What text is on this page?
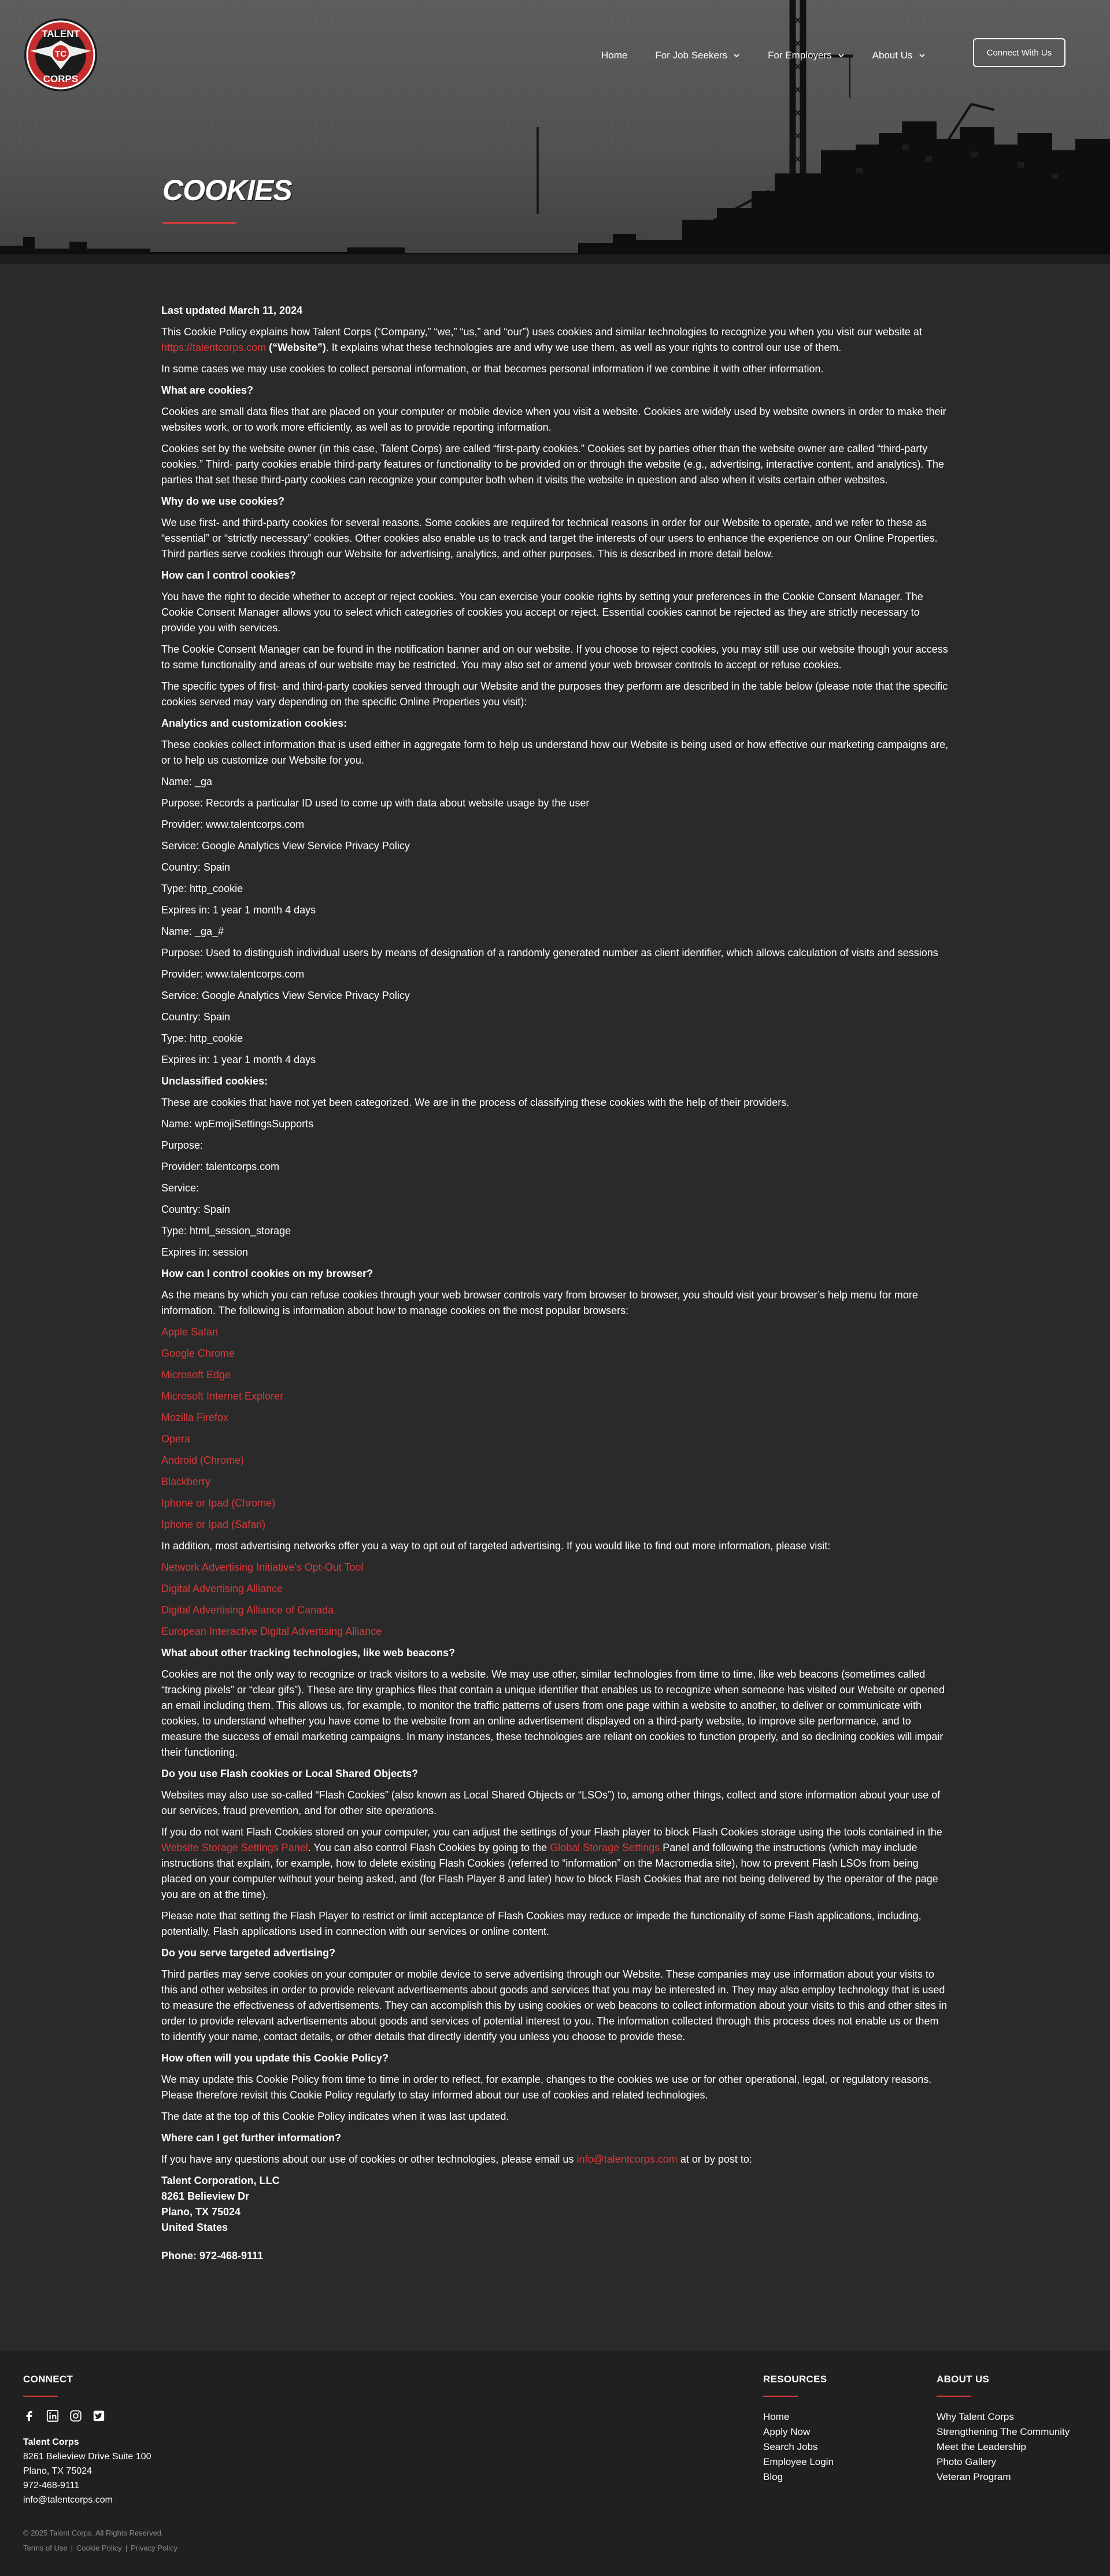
TC
TALENT
CORPS
Home	For Job Seekers	For Employers	About Us	Connect With Us
COOKIES

Last updated March 11, 2024

This Cookie Policy explains how Talent Corps (“Company,” “we,” “us,” and “our”) uses cookies and similar technologies to recognize you when you visit our website at https://talentcorps.com (“Website”). It explains what these technologies are and why we use them, as well as your rights to control our use of them.

In some cases we may use cookies to collect personal information, or that becomes personal information if we combine it with other information.

What are cookies?

Cookies are small data files that are placed on your computer or mobile device when you visit a website. Cookies are widely used by website owners in order to make their websites work, or to work more efficiently, as well as to provide reporting information.

Cookies set by the website owner (in this case, Talent Corps) are called “first-party cookies.” Cookies set by parties other than the website owner are called “third-party cookies.” Third- party cookies enable third-party features or functionality to be provided on or through the website (e.g., advertising, interactive content, and analytics). The parties that set these third-party cookies can recognize your computer both when it visits the website in question and also when it visits certain other websites.

Why do we use cookies?

We use first- and third-party cookies for several reasons. Some cookies are required for technical reasons in order for our Website to operate, and we refer to these as “essential” or “strictly necessary” cookies. Other cookies also enable us to track and target the interests of our users to enhance the experience on our Online Properties. Third parties serve cookies through our Website for advertising, analytics, and other purposes. This is described in more detail below.

How can I control cookies?

You have the right to decide whether to accept or reject cookies. You can exercise your cookie rights by setting your preferences in the Cookie Consent Manager. The Cookie Consent Manager allows you to select which categories of cookies you accept or reject. Essential cookies cannot be rejected as they are strictly necessary to provide you with services.

The Cookie Consent Manager can be found in the notification banner and on our website. If you choose to reject cookies, you may still use our website though your access to some functionality and areas of our website may be restricted. You may also set or amend your web browser controls to accept or refuse cookies.

The specific types of first- and third-party cookies served through our Website and the purposes they perform are described in the table below (please note that the specific cookies served may vary depending on the specific Online Properties you visit):

Analytics and customization cookies:

These cookies collect information that is used either in aggregate form to help us understand how our Website is being used or how effective our marketing campaigns are, or to help us customize our Website for you.

Name: _ga

Purpose: Records a particular ID used to come up with data about website usage by the user

Provider: www.talentcorps.com

Service: Google Analytics View Service Privacy Policy

Country: Spain

Type: http_cookie

Expires in: 1 year 1 month 4 days

Name: _ga_#

Purpose: Used to distinguish individual users by means of designation of a randomly generated number as client identifier, which allows calculation of visits and sessions

Provider: www.talentcorps.com

Service: Google Analytics View Service Privacy Policy

Country: Spain

Type: http_cookie

Expires in: 1 year 1 month 4 days

Unclassified cookies:

These are cookies that have not yet been categorized. We are in the process of classifying these cookies with the help of their providers.

Name: wpEmojiSettingsSupports

Purpose:

Provider: talentcorps.com

Service:

Country: Spain

Type: html_session_storage

Expires in: session

How can I control cookies on my browser?

As the means by which you can refuse cookies through your web browser controls vary from browser to browser, you should visit your browser’s help menu for more information. The following is information about how to manage cookies on the most popular browsers:

Apple Safari

Google Chrome

Microsoft Edge

Microsoft Internet Explorer

Mozilla Firefox

Opera

Android (Chrome)

Blackberry

Iphone or Ipad (Chrome)

Iphone or Ipad (Safari)

In addition, most advertising networks offer you a way to opt out of targeted advertising. If you would like to find out more information, please visit:

Network Advertising Initiative’s Opt-Out Tool

Digital Advertising Alliance

Digital Advertising Alliance of Canada

European Interactive Digital Advertising Alliance

What about other tracking technologies, like web beacons?

Cookies are not the only way to recognize or track visitors to a website. We may use other, similar technologies from time to time, like web beacons (sometimes called “tracking pixels” or “clear gifs”). These are tiny graphics files that contain a unique identifier that enables us to recognize when someone has visited our Website or opened an email including them. This allows us, for example, to monitor the traffic patterns of users from one page within a website to another, to deliver or communicate with cookies, to understand whether you have come to the website from an online advertisement displayed on a third-party website, to improve site performance, and to measure the success of email marketing campaigns. In many instances, these technologies are reliant on cookies to function properly, and so declining cookies will impair their functioning.

Do you use Flash cookies or Local Shared Objects?

Websites may also use so-called “Flash Cookies” (also known as Local Shared Objects or “LSOs”) to, among other things, collect and store information about your use of our services, fraud prevention, and for other site operations.

If you do not want Flash Cookies stored on your computer, you can adjust the settings of your Flash player to block Flash Cookies storage using the tools contained in the Website Storage Settings Panel. You can also control Flash Cookies by going to the Global Storage Settings Panel and following the instructions (which may include instructions that explain, for example, how to delete existing Flash Cookies (referred to “information” on the Macromedia site), how to prevent Flash LSOs from being placed on your computer without your being asked, and (for Flash Player 8 and later) how to block Flash Cookies that are not being delivered by the operator of the page you are on at the time).

Please note that setting the Flash Player to restrict or limit acceptance of Flash Cookies may reduce or impede the functionality of some Flash applications, including, potentially, Flash applications used in connection with our services or online content.

Do you serve targeted advertising?

Third parties may serve cookies on your computer or mobile device to serve advertising through our Website. These companies may use information about your visits to this and other websites in order to provide relevant advertisements about goods and services that you may be interested in. They may also employ technology that is used to measure the effectiveness of advertisements. They can accomplish this by using cookies or web beacons to collect information about your visits to this and other sites in order to provide relevant advertisements about goods and services of potential interest to you. The information collected through this process does not enable us or them to identify your name, contact details, or other details that directly identify you unless you choose to provide these.

How often will you update this Cookie Policy?

We may update this Cookie Policy from time to time in order to reflect, for example, changes to the cookies we use or for other operational, legal, or regulatory reasons. Please therefore revisit this Cookie Policy regularly to stay informed about our use of cookies and related technologies.

The date at the top of this Cookie Policy indicates when it was last updated.

Where can I get further information?

If you have any questions about our use of cookies or other technologies, please email us info@talentcorps.com at or by post to:

Talent Corporation, LLC
8261 Belieview Dr
Plano, TX 75024
United States

Phone: 972-468-9111

CONNECT
Talent Corps
8261 Belieview Drive Suite 100
Plano, TX 75024
972-468-9111
info@talentcorps.com
RESOURCES
Home
Apply Now
Search Jobs
Employee Login
Blog
ABOUT US
Why Talent Corps
Strengthening The Community
Meet the Leadership
Photo Gallery
Veteran Program
© 2025 Talent Corps. All Rights Reserved.
Terms of Use | Cookie Policy | Privacy Policy
